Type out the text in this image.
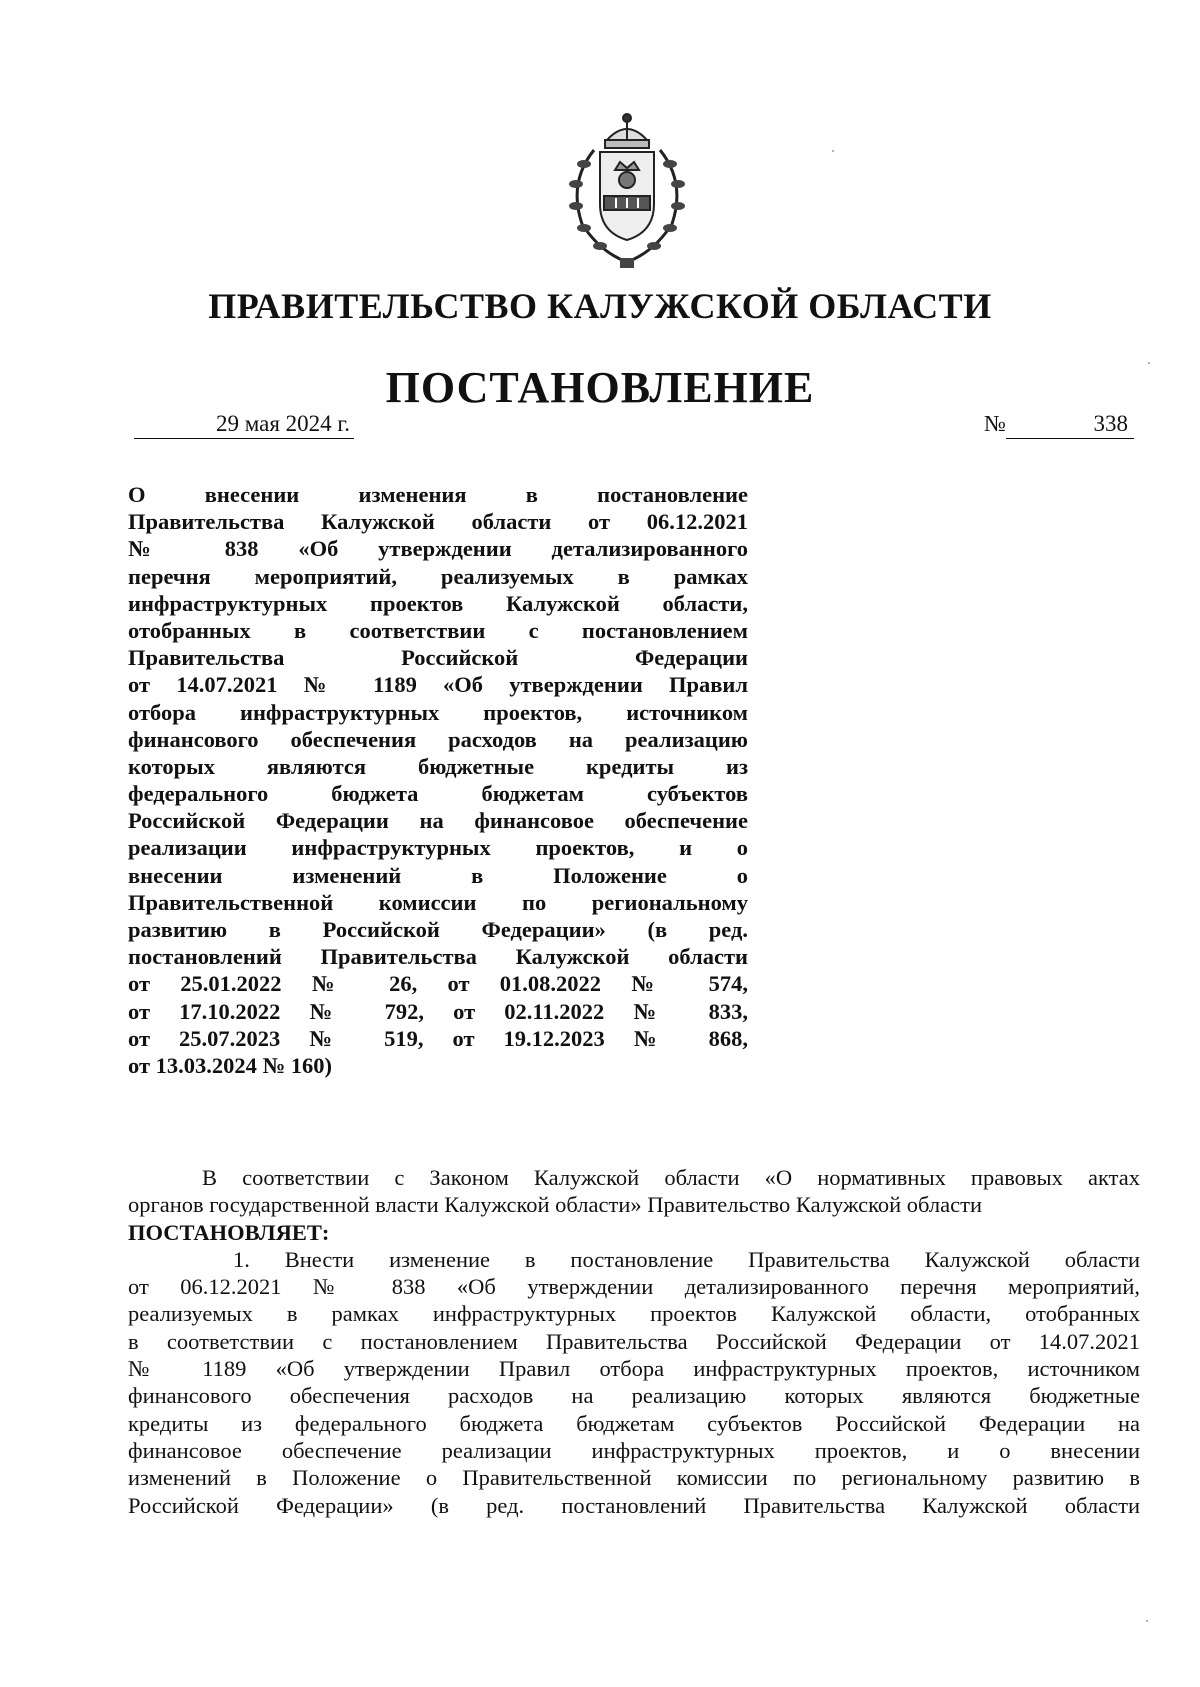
ПРАВИТЕЛЬСТВО КАЛУЖСКОЙ ОБЛАСТИ
ПОСТАНОВЛЕНИЕ
29 мая 2024 г.	№	338
О внесении изменения в постановление
Правительства Калужской области от 06.12.2021
№ 838 «Об утверждении детализированного
перечня мероприятий, реализуемых в рамках
инфраструктурных проектов Калужской области,
отобранных в соответствии с постановлением
Правительства Российской Федерации
от 14.07.2021 № 1189 «Об утверждении Правил
отбора инфраструктурных проектов, источником
финансового обеспечения расходов на реализацию
которых являются бюджетные кредиты из
федерального бюджета бюджетам субъектов
Российской Федерации на финансовое обеспечение
реализации инфраструктурных проектов, и о
внесении изменений в Положение о
Правительственной комиссии по региональному
развитию в Российской Федерации» (в ред.
постановлений Правительства Калужской области
от 25.01.2022 № 26, от 01.08.2022 № 574,
от 17.10.2022 № 792, от 02.11.2022 № 833,
от 25.07.2023 № 519, от 19.12.2023 № 868,
от 13.03.2024 № 160)
В соответствии с Законом Калужской области «О нормативных правовых актах
органов государственной власти Калужской области» Правительство Калужской области
ПОСТАНОВЛЯЕТ:
1. Внести изменение в постановление Правительства Калужской области
от 06.12.2021 № 838 «Об утверждении детализированного перечня мероприятий,
реализуемых в рамках инфраструктурных проектов Калужской области, отобранных
в соответствии с постановлением Правительства Российской Федерации от 14.07.2021
№ 1189 «Об утверждении Правил отбора инфраструктурных проектов, источником
финансового обеспечения расходов на реализацию которых являются бюджетные
кредиты из федерального бюджета бюджетам субъектов Российской Федерации на
финансовое обеспечение реализации инфраструктурных проектов, и о внесении
изменений в Положение о Правительственной комиссии по региональному развитию в
Российской Федерации» (в ред. постановлений Правительства Калужской области
